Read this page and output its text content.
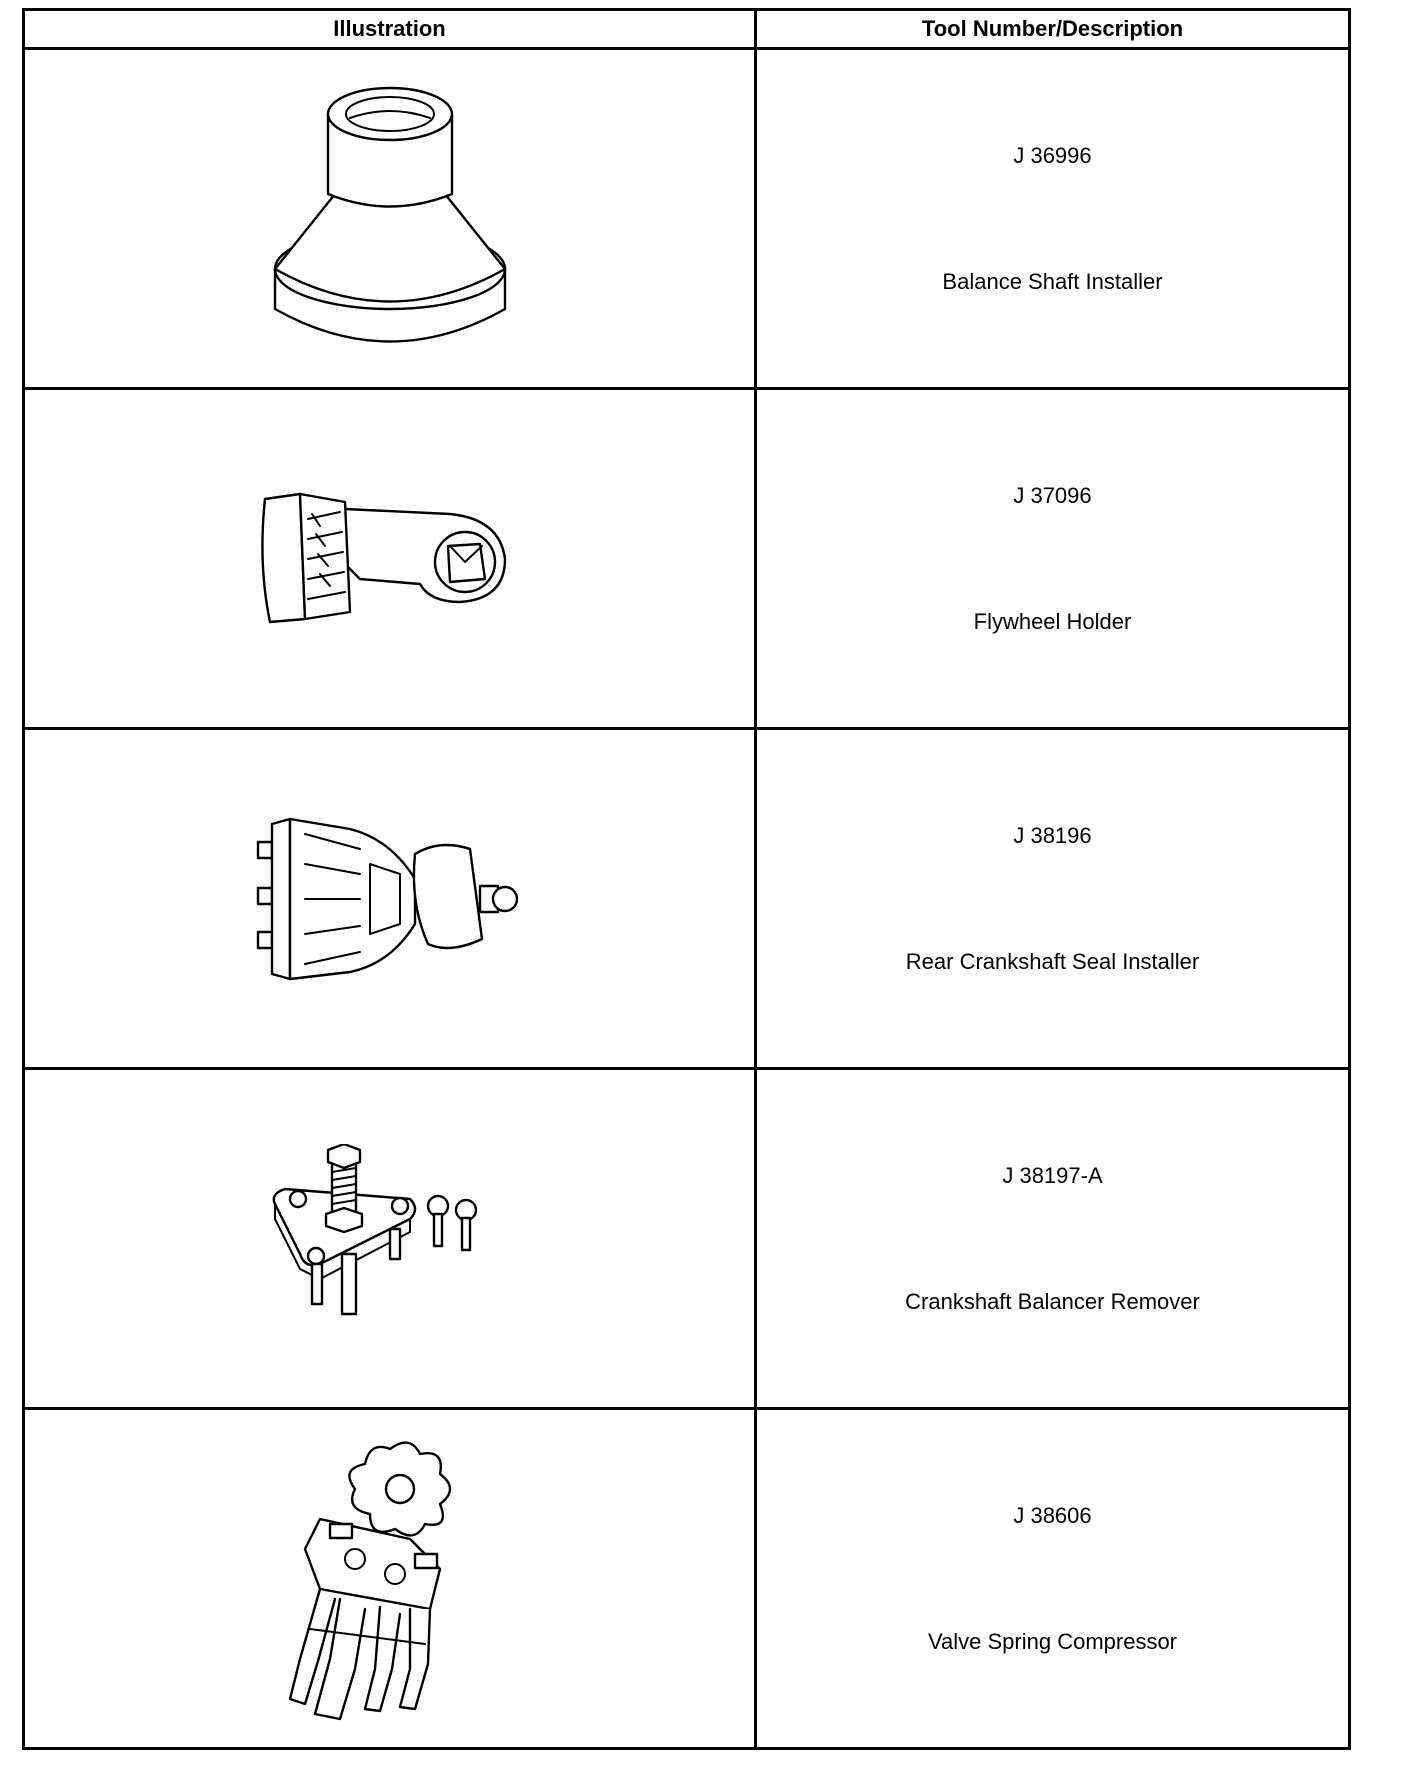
Illustration	Tool Number/Description

J 36996
Balance Shaft Installer

J 37096
Flywheel Holder

J 38196
Rear Crankshaft Seal Installer

J 38197-A
Crankshaft Balancer Remover

J 38606
Valve Spring Compressor
